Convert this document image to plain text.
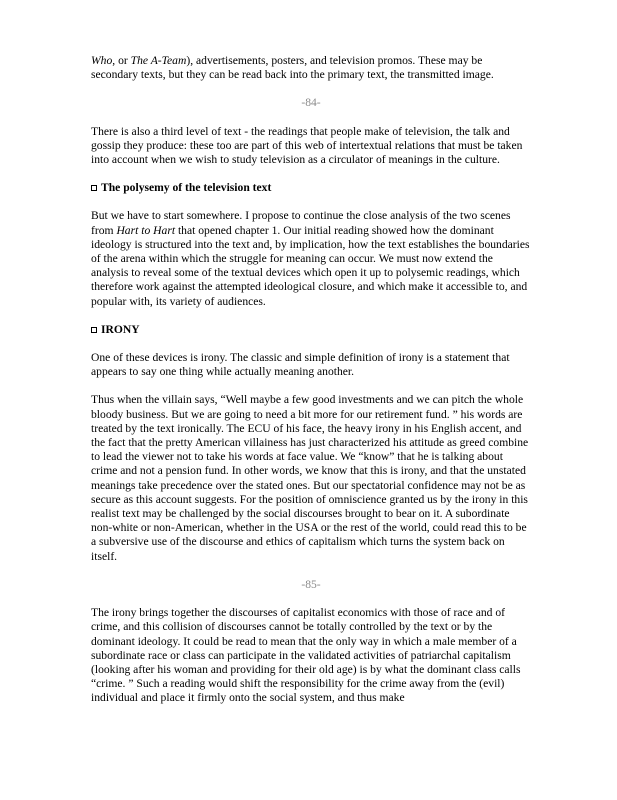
Who, or The A-Team), advertisements, posters, and television promos. These may be secondary texts, but they can be read back into the primary text, the transmitted image.

-84-

There is also a third level of text - the readings that people make of television, the talk and gossip they produce: these too are part of this web of intertextual relations that must be taken into account when we wish to study television as a circulator of meanings in the culture.

The polysemy of the television text

But we have to start somewhere. I propose to continue the close analysis of the two scenes from Hart to Hart that opened chapter 1. Our initial reading showed how the dominant ideology is structured into the text and, by implication, how the text establishes the boundaries of the arena within which the struggle for meaning can occur. We must now extend the analysis to reveal some of the textual devices which open it up to polysemic readings, which therefore work against the attempted ideological closure, and which make it accessible to, and popular with, its variety of audiences.

IRONY

One of these devices is irony. The classic and simple definition of irony is a statement that appears to say one thing while actually meaning another.

Thus when the villain says, “Well maybe a few good investments and we can pitch the whole bloody business. But we are going to need a bit more for our retirement fund. ” his words are treated by the text ironically. The ECU of his face, the heavy irony in his English accent, and the fact that the pretty American villainess has just characterized his attitude as greed combine to lead the viewer not to take his words at face value. We “know” that he is talking about crime and not a pension fund. In other words, we know that this is irony, and that the unstated meanings take precedence over the stated ones. But our spectatorial confidence may not be as secure as this account suggests. For the position of omniscience granted us by the irony in this realist text may be challenged by the social discourses brought to bear on it. A subordinate non-white or non-American, whether in the USA or the rest of the world, could read this to be a subversive use of the discourse and ethics of capitalism which turns the system back on itself.

-85-

The irony brings together the discourses of capitalist economics with those of race and of crime, and this collision of discourses cannot be totally controlled by the text or by the dominant ideology. It could be read to mean that the only way in which a male member of a subordinate race or class can participate in the validated activities of patriarchal capitalism (looking after his woman and providing for their old age) is by what the dominant class calls “crime. ” Such a reading would shift the responsibility for the crime away from the (evil) individual and place it firmly onto the social system, and thus make
